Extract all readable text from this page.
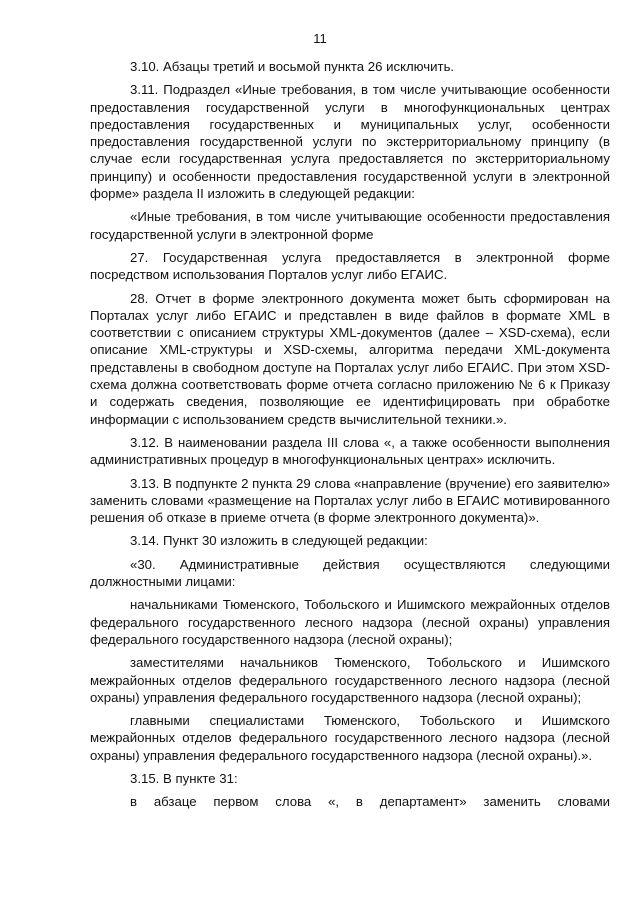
11

3.10. Абзацы третий и восьмой пункта 26 исключить.

3.11. Подраздел «Иные требования, в том числе учитывающие особенности предоставления государственной услуги в многофункциональных центрах предоставления государственных и муниципальных услуг, особенности предоставления государственной услуги по экстерриториальному принципу (в случае если государственная услуга предоставляется по экстерриториальному принципу) и особенности предоставления государственной услуги в электронной форме» раздела II изложить в следующей редакции:

«Иные требования, в том числе учитывающие особенности предоставления государственной услуги в электронной форме

27. Государственная услуга предоставляется в электронной форме посредством использования Порталов услуг либо ЕГАИС.

28. Отчет в форме электронного документа может быть сформирован на Порталах услуг либо ЕГАИС и представлен в виде файлов в формате XML в соответствии с описанием структуры XML-документов (далее – XSD-схема), если описание XML-структуры и XSD-схемы, алгоритма передачи XML-документа представлены в свободном доступе на Порталах услуг либо ЕГАИС. При этом XSD-схема должна соответствовать форме отчета согласно приложению № 6 к Приказу и содержать сведения, позволяющие ее идентифицировать при обработке информации с использованием средств вычислительной техники.».

3.12. В наименовании раздела III слова «, а также особенности выполнения административных процедур в многофункциональных центрах» исключить.

3.13. В подпункте 2 пункта 29 слова «направление (вручение) его заявителю» заменить словами «размещение на Порталах услуг либо в ЕГАИС мотивированного решения об отказе в приеме отчета (в форме электронного документа)».

3.14. Пункт 30 изложить в следующей редакции:

«30. Административные действия осуществляются следующими должностными лицами:

начальниками Тюменского, Тобольского и Ишимского межрайонных отделов федерального государственного лесного надзора (лесной охраны) управления федерального государственного надзора (лесной охраны);

заместителями начальников Тюменского, Тобольского и Ишимского межрайонных отделов федерального государственного лесного надзора (лесной охраны) управления федерального государственного надзора (лесной охраны);

главными специалистами Тюменского, Тобольского и Ишимского межрайонных отделов федерального государственного лесного надзора (лесной охраны) управления федерального государственного надзора (лесной охраны).».

3.15. В пункте 31:

в абзаце первом слова «, в департамент» заменить словами
